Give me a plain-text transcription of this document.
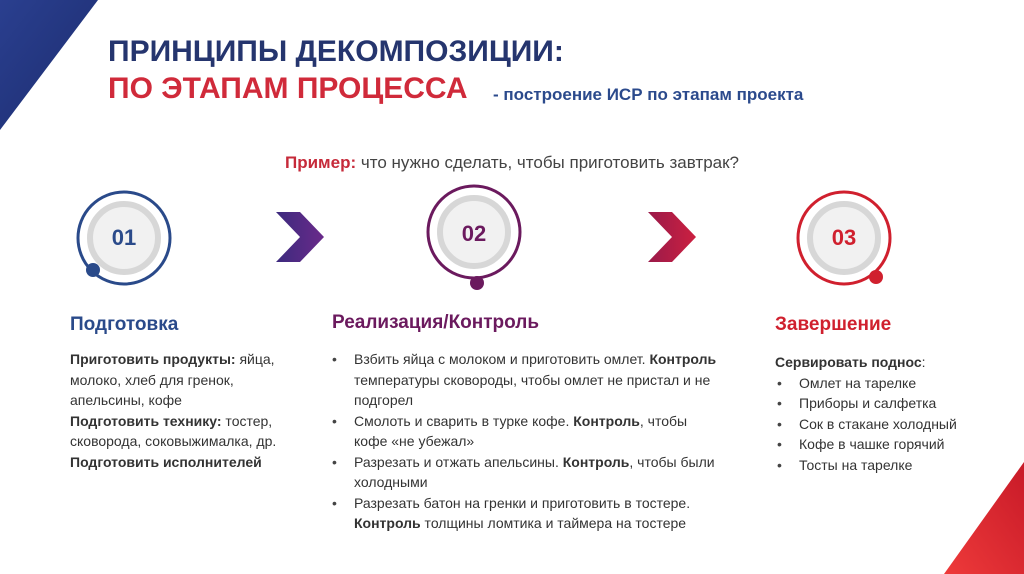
ПРИНЦИПЫ ДЕКОМПОЗИЦИИ:
ПО ЭТАПАМ ПРОЦЕССА	- построение ИСР по этапам проекта
Пример: что нужно сделать, чтобы приготовить завтрак?
01	02	03
Подготовка	Реализация/Контроль	Завершение

Приготовить продукты: яйца, молоко, хлеб для гренок, апельсины, кофе

Подготовить технику: тостер, сковорода, соковыжималка, др.

Подготовить исполнителей

• Взбить яйца с молоком и приготовить омлет. Контроль температуры сковороды, чтобы омлет не пристал и не подгорел
• Смолоть и сварить в турке кофе. Контроль, чтобы кофе «не убежал»
• Разрезать и отжать апельсины. Контроль, чтобы были холодными
• Разрезать батон на гренки и приготовить в тостере. Контроль толщины ломтика и таймера на тостере

Сервировать поднос:

• Омлет на тарелке
• Приборы и салфетка
• Сок в стакане холодный
• Кофе в чашке горячий
• Тосты на тарелке
